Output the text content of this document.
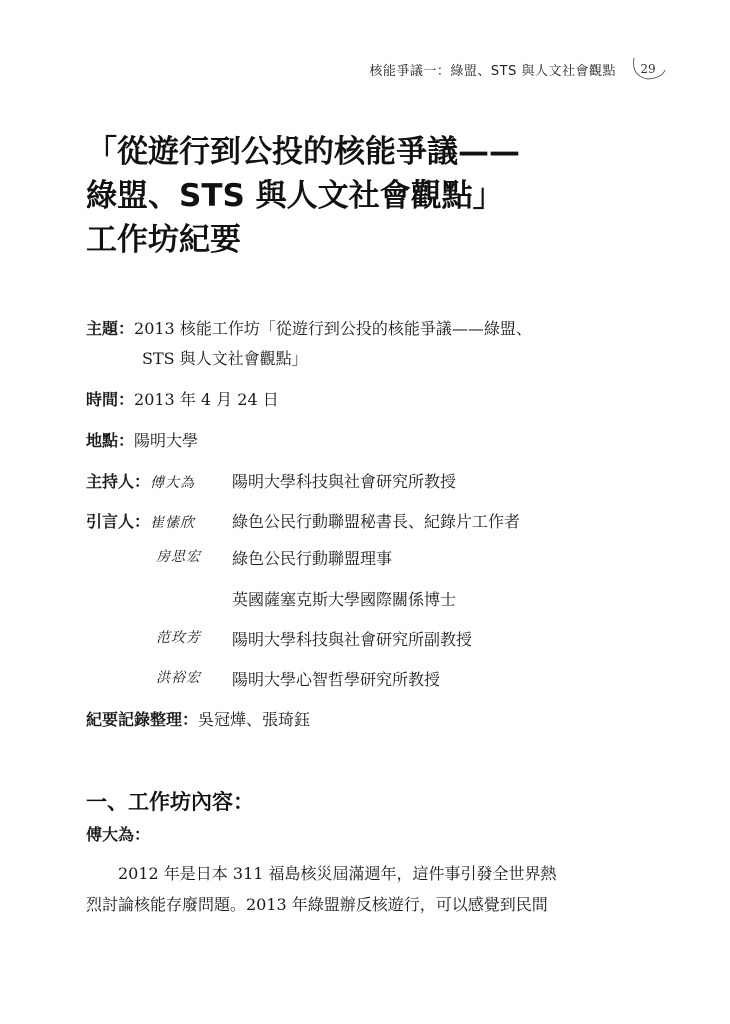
核能爭議一：綠盟、STS 與人文社會觀點 29
「從遊行到公投的核能爭議——
綠盟、STS 與人文社會觀點」
工作坊紀要
主題：2013 核能工作坊「從遊行到公投的核能爭議——綠盟、
STS 與人文社會觀點」
時間：2013 年 4 月 24 日
地點：陽明大學
主持人：傅大為 陽明大學科技與社會研究所教授
引言人：崔愫欣 綠色公民行動聯盟秘書長、紀錄片工作者
房思宏 綠色公民行動聯盟理事
英國薩塞克斯大學國際關係博士
范玫芳 陽明大學科技與社會研究所副教授
洪裕宏 陽明大學心智哲學研究所教授
紀要記錄整理：吳冠燁、張琦鈺
一、工作坊內容：
傅大為：
　　2012 年是日本 311 福島核災屆滿週年，這件事引發全世界熱
烈討論核能存廢問題。2013 年綠盟辦反核遊行，可以感覺到民間
